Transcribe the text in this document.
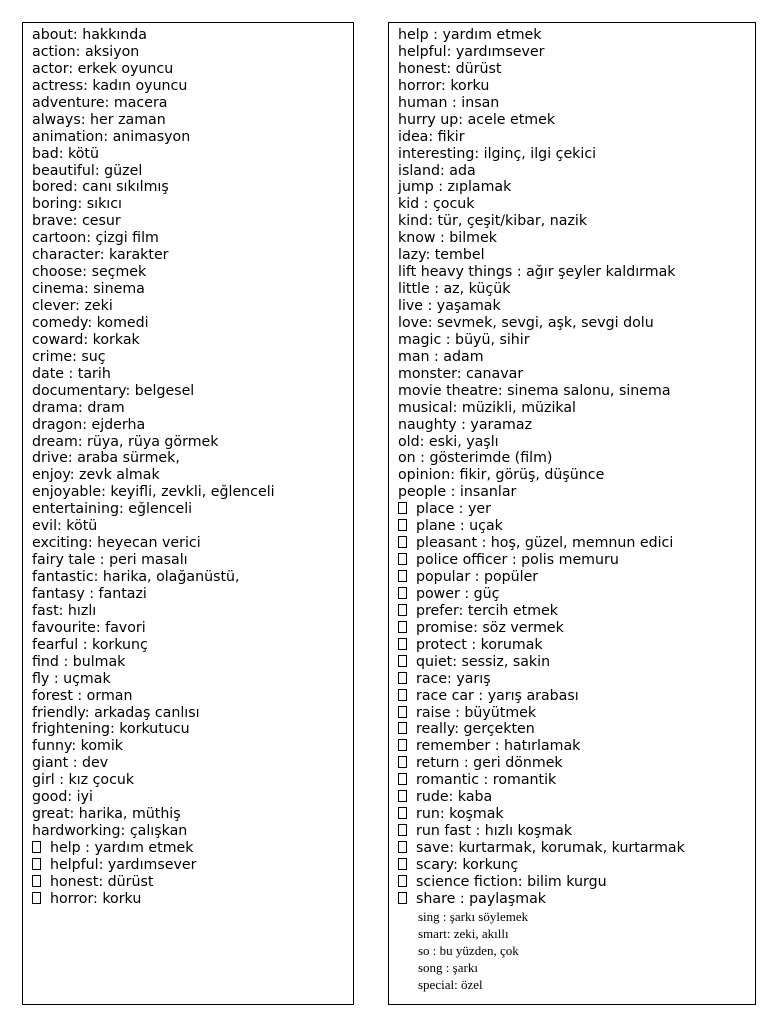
about: hakkında
action: aksiyon
actor: erkek oyuncu
actress: kadın oyuncu
adventure: macera
always: her zaman
animation: animasyon
bad: kötü
beautiful: güzel
bored: canı sıkılmış
boring: sıkıcı
brave: cesur
cartoon: çizgi film
character: karakter
choose: seçmek
cinema: sinema
clever: zeki
comedy: komedi
coward: korkak
crime: suç
date : tarih
documentary: belgesel
drama: dram
dragon: ejderha
dream: rüya, rüya görmek
drive: araba sürmek,
enjoy: zevk almak
enjoyable: keyifli, zevkli, eğlenceli
entertaining: eğlenceli
evil: kötü
exciting: heyecan verici
fairy tale : peri masalı
fantastic: harika, olağanüstü,
fantasy : fantazi
fast: hızlı
favourite: favori
fearful : korkunç
find : bulmak
fly : uçmak
forest : orman
friendly: arkadaş canlısı
frightening: korkutucu
funny: komik
giant : dev
girl : kız çocuk
good: iyi
great: harika, müthiş
hardworking: çalışkan
help : yardım etmek
helpful: yardımsever
honest: dürüst
horror: korku
help : yardım etmek
helpful: yardımsever
honest: dürüst
horror: korku
human : insan
hurry up: acele etmek
idea: fikir
interesting: ilginç, ilgi çekici
island: ada
jump : zıplamak
kid : çocuk
kind: tür, çeşit/kibar, nazik
know : bilmek
lazy: tembel
lift heavy things : ağır şeyler kaldırmak
little : az, küçük
live : yaşamak
love: sevmek, sevgi, aşk, sevgi dolu
magic : büyü, sihir
man : adam
monster: canavar
movie theatre: sinema salonu, sinema
musical: müzikli, müzikal
naughty : yaramaz
old: eski, yaşlı
on : gösterimde (film)
opinion: fikir, görüş, düşünce
people : insanlar
place : yer
plane : uçak
pleasant : hoş, güzel, memnun edici
police officer : polis memuru
popular : popüler
power : güç
prefer: tercih etmek
promise: söz vermek
protect : korumak
quiet: sessiz, sakin
race: yarış
race car : yarış arabası
raise : büyütmek
really: gerçekten
remember : hatırlamak
return : geri dönmek
romantic : romantik
rude: kaba
run: koşmak
run fast : hızlı koşmak
save: kurtarmak, korumak, kurtarmak
scary: korkunç
science fiction: bilim kurgu
share : paylaşmak
sing : şarkı söylemek
smart: zeki, akıllı
so : bu yüzden, çok
song : şarkı
special: özel
